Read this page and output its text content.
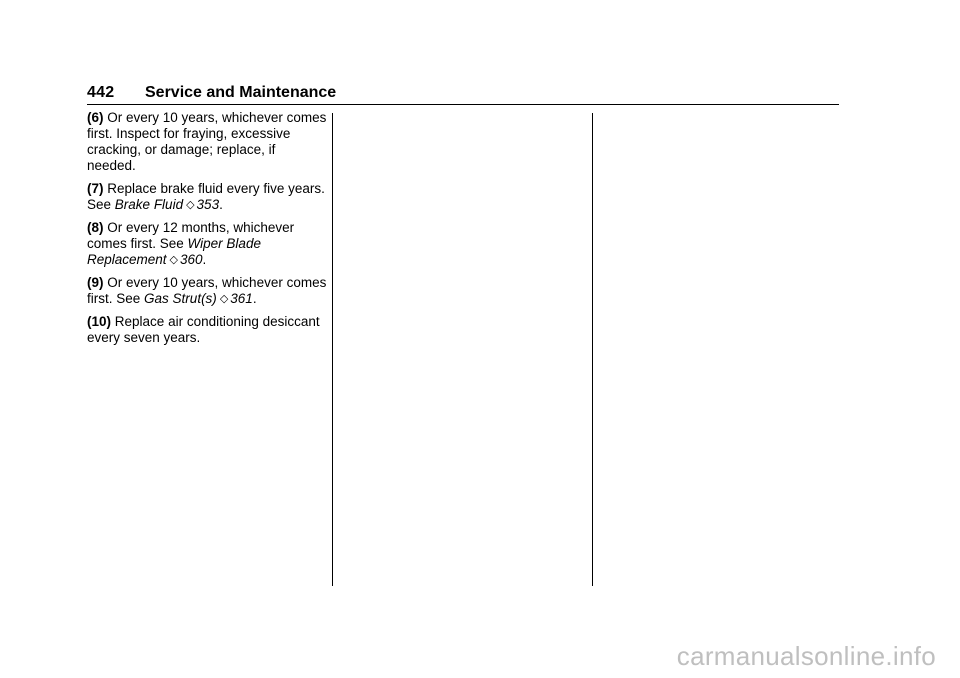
442 Service and Maintenance

(6) Or every 10 years, whichever comes first. Inspect for fraying, excessive cracking, or damage; replace, if needed.

(7) Replace brake fluid every five years. See Brake Fluid ◇ 353.

(8) Or every 12 months, whichever comes first. See Wiper Blade Replacement ◇ 360.

(9) Or every 10 years, whichever comes first. See Gas Strut(s) ◇ 361.

(10) Replace air conditioning desiccant every seven years.

carmanualsonline.info
